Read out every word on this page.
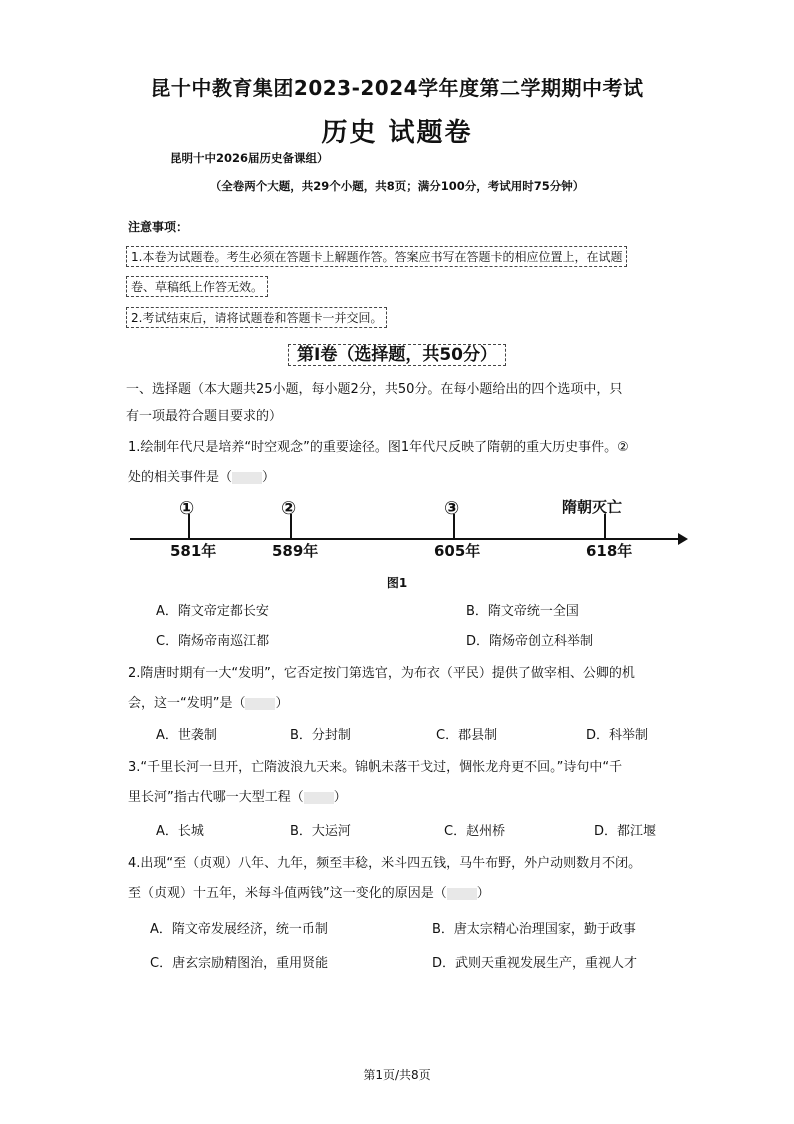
昆十中教育集团2023-2024学年度第二学期期中考试
历史 试题卷
昆明十中2026届历史备课组）
（全卷两个大题，共29个小题，共8页；满分100分，考试用时75分钟）
注意事项：
1.本卷为试题卷。考生必须在答题卡上解题作答。答案应书写在答题卡的相应位置上，在试题
卷、草稿纸上作答无效。
2.考试结束后，请将试题卷和答题卡一并交回。
第Ⅰ卷（选择题，共50分）
一、选择题（本大题共25小题，每小题2分，共50分。在每小题给出的四个选项中，只
有一项最符合题目要求的）
1.绘制年代尺是培养“时空观念”的重要途径。图1年代尺反映了隋朝的重大历史事件。②
处的相关事件是（ ）
①	②	③	隋朝灭亡
581年	589年	605年	618年
图1
A．隋文帝定都长安	B．隋文帝统一全国
C．隋炀帝南巡江都	D．隋炀帝创立科举制
2.隋唐时期有一大“发明”，它否定按门第选官，为布衣（平民）提供了做宰相、公卿的机
会，这一“发明”是（ ）
A．世袭制	B．分封制	C．郡县制	D．科举制
3.“千里长河一旦开，亡隋波浪九天来。锦帆未落干戈过，惆怅龙舟更不回。”诗句中“千
里长河”指古代哪一大型工程（ ）
A．长城	B．大运河	C．赵州桥	D．都江堰
4.出现“至（贞观）八年、九年，频至丰稔，米斗四五钱，马牛布野，外户动则数月不闭。
至（贞观）十五年，米每斗值两钱”这一变化的原因是（ ）
A．隋文帝发展经济，统一币制	B．唐太宗精心治理国家，勤于政事
C．唐玄宗励精图治，重用贤能	D．武则天重视发展生产，重视人才
第1页/共8页
